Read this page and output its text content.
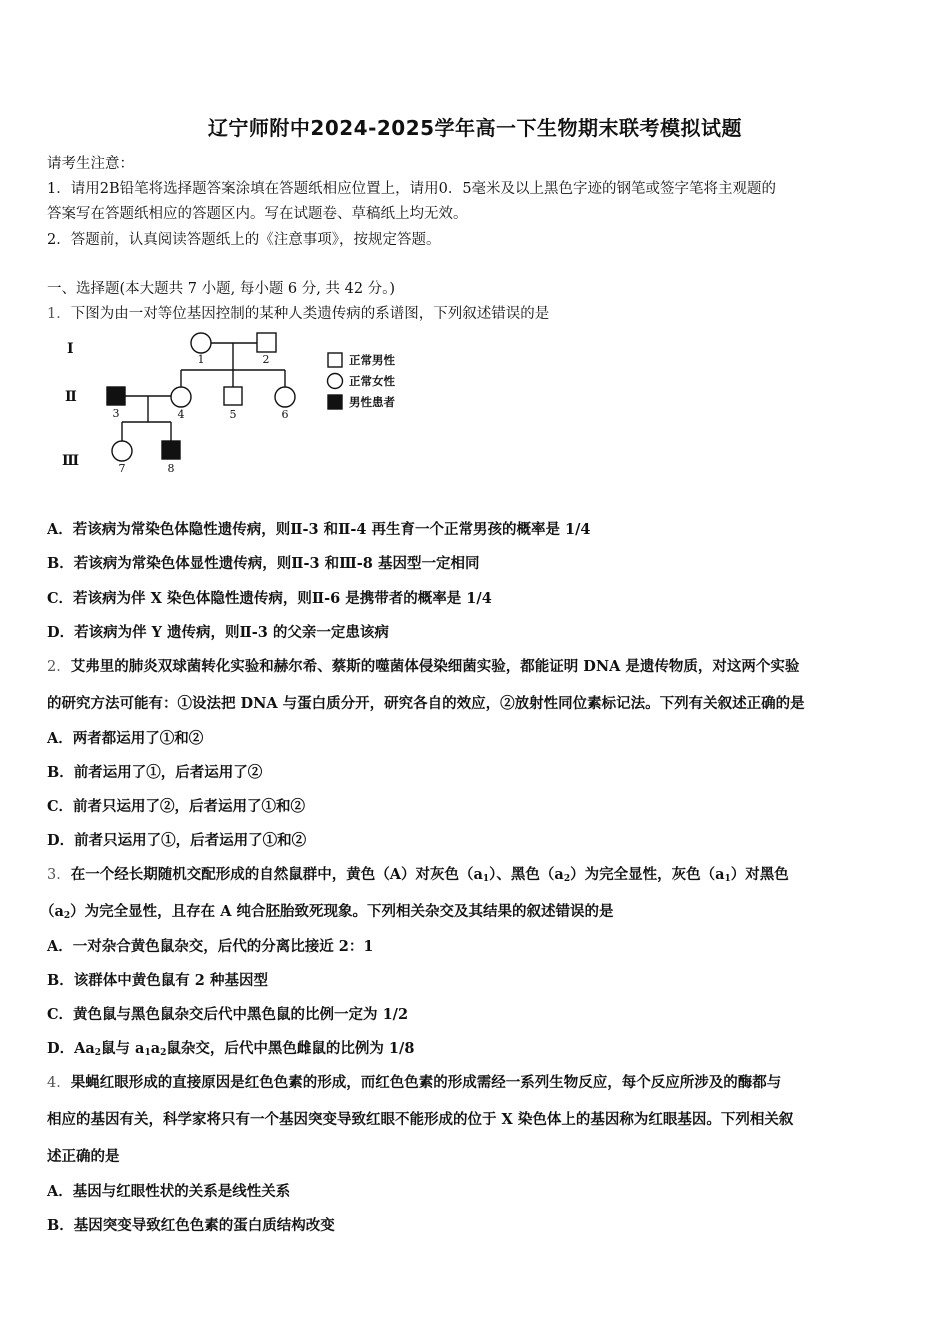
辽宁师附中2024-2025学年高一下生物期末联考模拟试题
请考生注意：
1．请用2B铅笔将选择题答案涂填在答题纸相应位置上，请用0．5毫米及以上黑色字迹的钢笔或签字笔将主观题的
答案写在答题纸相应的答题区内。写在试题卷、草稿纸上均无效。
2．答题前，认真阅读答题纸上的《注意事项》，按规定答题。
一、选择题(本大题共 7 小题, 每小题 6 分, 共 42 分。)
1．下图为由一对等位基因控制的某种人类遗传病的系谱图，下列叙述错误的是
Ⅰ
Ⅱ
Ⅲ
1	2
3	4	5	6
7	8
正常男性
正常女性
男性患者
A．若该病为常染色体隐性遗传病，则Ⅱ-3 和Ⅱ-4 再生育一个正常男孩的概率是 1/4
B．若该病为常染色体显性遗传病，则Ⅱ-3 和Ⅲ-8 基因型一定相同
C．若该病为伴 X 染色体隐性遗传病，则Ⅱ-6 是携带者的概率是 1/4
D．若该病为伴 Y 遗传病，则Ⅱ-3 的父亲一定患该病
2．艾弗里的肺炎双球菌转化实验和赫尔希、蔡斯的噬菌体侵染细菌实验，都能证明 DNA 是遗传物质，对这两个实验
的研究方法可能有：①设法把 DNA 与蛋白质分开，研究各自的效应，②放射性同位素标记法。下列有关叙述正确的是
A．两者都运用了①和②
B．前者运用了①，后者运用了②
C．前者只运用了②，后者运用了①和②
D．前者只运用了①，后者运用了①和②
3．在一个经长期随机交配形成的自然鼠群中，黄色（A）对灰色$(a_1)$、黑色$(a_2)$为完全显性，灰色$(a_1)$对黑色
$(a_2)$为完全显性，且存在 A 纯合胚胎致死现象。下列相关杂交及其结果的叙述错误的是
A．一对杂合黄色鼠杂交，后代的分离比接近 2：1
B．该群体中黄色鼠有 2 种基因型
C．黄色鼠与黑色鼠杂交后代中黑色鼠的比例一定为 1/2
D．$Aa_2$鼠与 $a_1a_2$鼠杂交，后代中黑色雌鼠的比例为 1/8
4．果蝇红眼形成的直接原因是红色色素的形成，而红色色素的形成需经一系列生物反应，每个反应所涉及的酶都与
相应的基因有关，科学家将只有一个基因突变导致红眼不能形成的位于 X 染色体上的基因称为红眼基因。下列相关叙
述正确的是
A．基因与红眼性状的关系是线性关系
B．基因突变导致红色色素的蛋白质结构改变
